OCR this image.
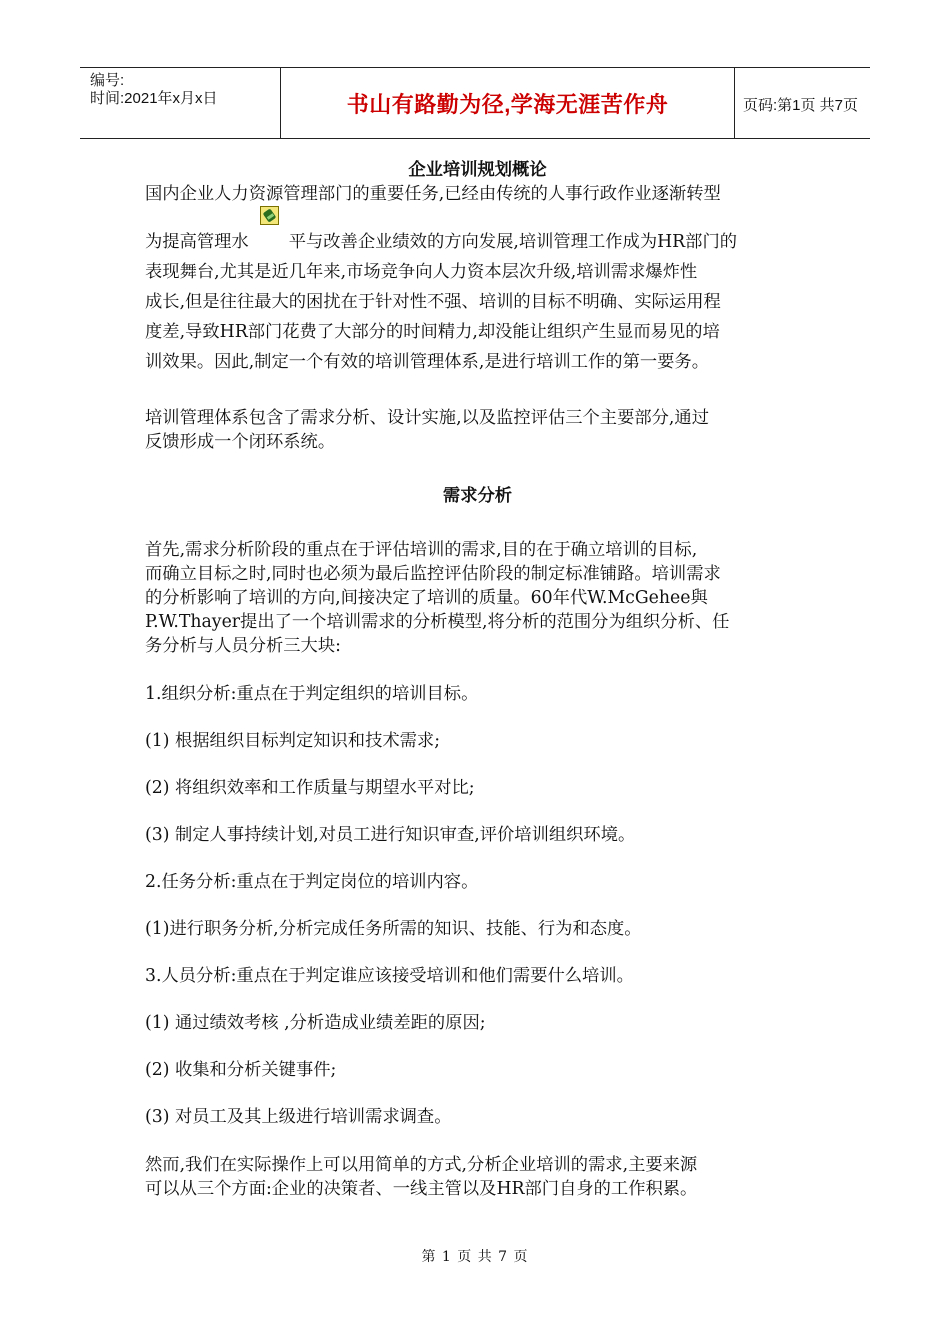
编号:
时间:2021年x月x日	书山有路勤为径,学海无涯苦作舟	页码:第1页 共7页
企业培训规划概论
国内企业人力资源管理部门的重要任务,已经由传统的人事行政作业逐渐转型
为提高管理水 平与改善企业绩效的方向发展,培训管理工作成为HR部门的
表现舞台,尤其是近几年来,市场竞争向人力资本层次升级,培训需求爆炸性
成长,但是往往最大的困扰在于针对性不强、培训的目标不明确、实际运用程
度差,导致HR部门花费了大部分的时间精力,却没能让组织产生显而易见的培
训效果。因此,制定一个有效的培训管理体系,是进行培训工作的第一要务。
培训管理体系包含了需求分析、设计实施,以及监控评估三个主要部分,通过
反馈形成一个闭环系统。
需求分析
首先,需求分析阶段的重点在于评估培训的需求,目的在于确立培训的目标,
而确立目标之时,同时也必须为最后监控评估阶段的制定标准铺路。培训需求
的分析影响了培训的方向,间接决定了培训的质量。60年代W.McGehee與
P.W.Thayer提出了一个培训需求的分析模型,将分析的范围分为组织分析、任
务分析与人员分析三大块:
1.组织分析:重点在于判定组织的培训目标。
(1) 根据组织目标判定知识和技术需求;
(2) 将组织效率和工作质量与期望水平对比;
(3) 制定人事持续计划,对员工进行知识审查,评价培训组织环境。
2.任务分析:重点在于判定岗位的培训内容。
(1)进行职务分析,分析完成任务所需的知识、技能、行为和态度。
3.人员分析:重点在于判定谁应该接受培训和他们需要什么培训。
(1) 通过绩效考核 ,分析造成业绩差距的原因;
(2) 收集和分析关键事件;
(3) 对员工及其上级进行培训需求调查。
然而,我们在实际操作上可以用简单的方式,分析企业培训的需求,主要来源
可以从三个方面:企业的决策者、一线主管以及HR部门自身的工作积累。
第 1 页 共 7 页
